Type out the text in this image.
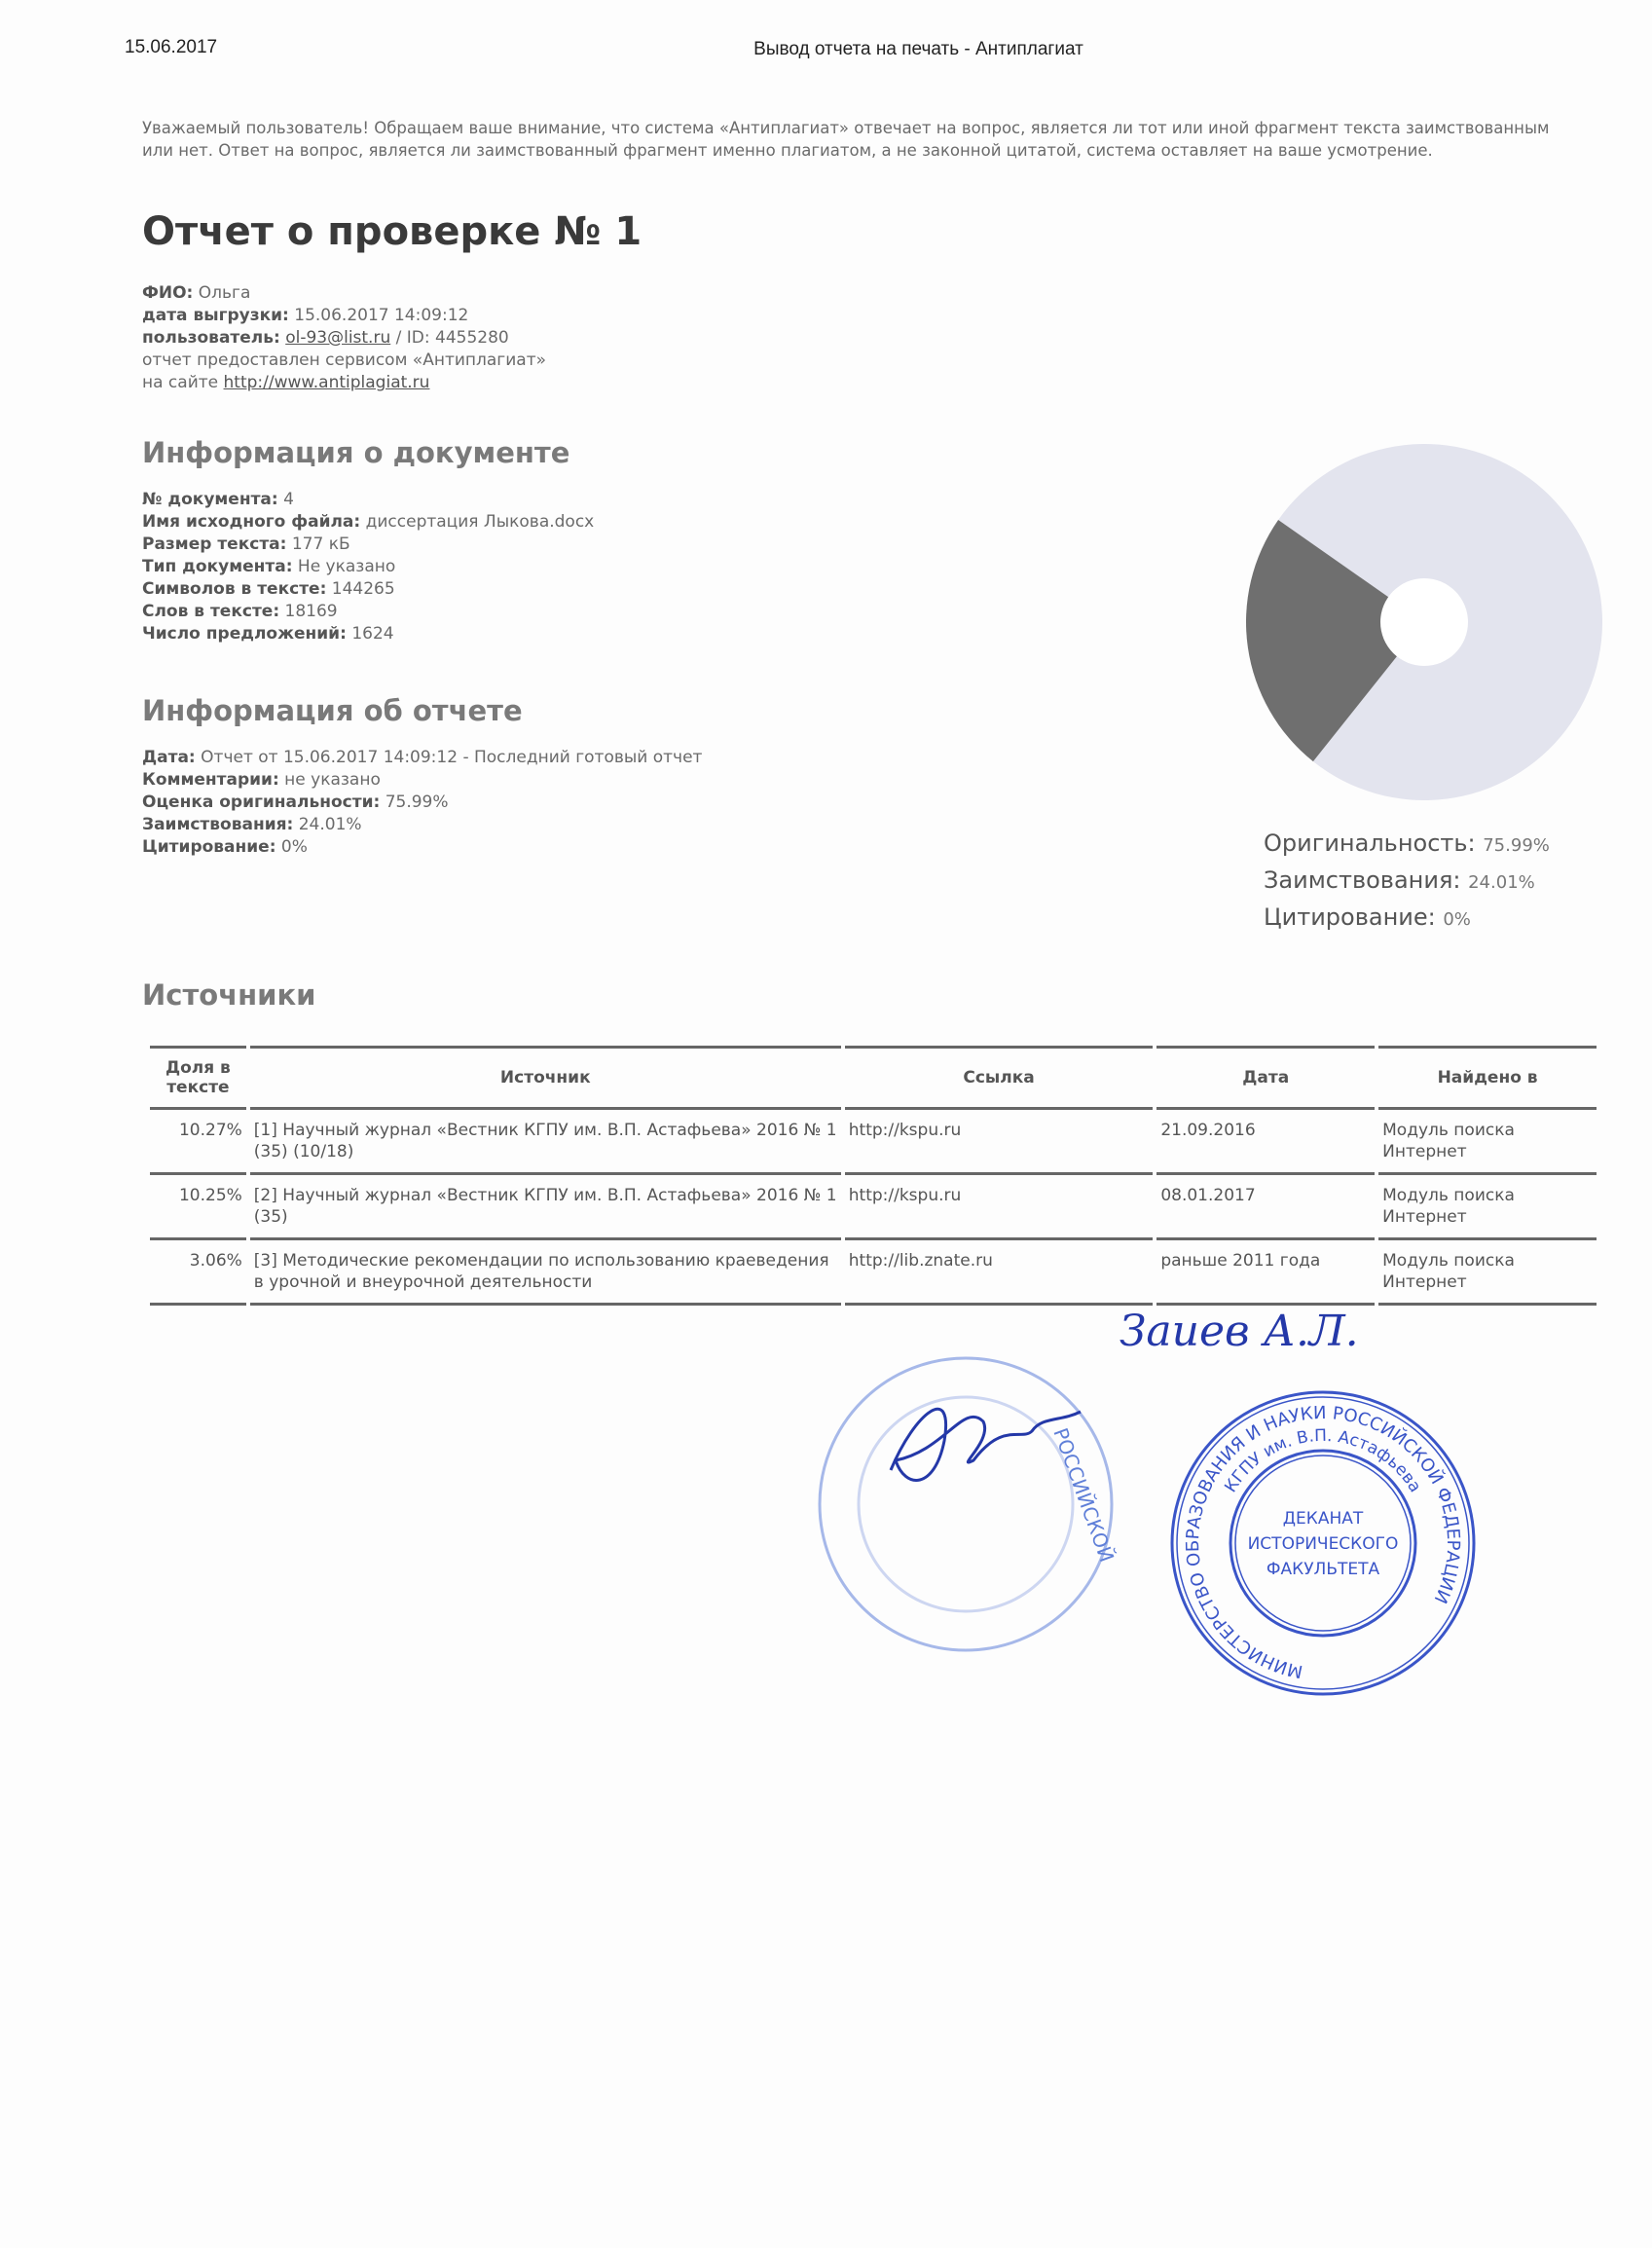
15.06.2017	Вывод отчета на печать - Антиплагиат
Уважаемый пользователь! Обращаем ваше внимание, что система «Антиплагиат» отвечает на вопрос, является ли тот или иной фрагмент текста заимствованным или нет. Ответ на вопрос, является ли заимствованный фрагмент именно плагиатом, а не законной цитатой, система оставляет на ваше усмотрение.
Отчет о проверке № 1
ФИО: Ольга
дата выгрузки: 15.06.2017 14:09:12
пользователь: ol-93@list.ru / ID: 4455280
отчет предоставлен сервисом «Антиплагиат»
на сайте http://www.antiplagiat.ru
Информация о документе
№ документа: 4
Имя исходного файла: диссертация Лыкова.docx
Размер текста: 177 кБ
Тип документа: Не указано
Символов в тексте: 144265
Слов в тексте: 18169
Число предложений: 1624
Информация об отчете
Дата: Отчет от 15.06.2017 14:09:12 - Последний готовый отчет
Комментарии: не указано
Оценка оригинальности: 75.99%
Заимствования: 24.01%
Цитирование: 0%	Оригинальность: 75.99%
Заимствования: 24.01%
Цитирование: 0%
Источники
Доля в тексте	Источник	Ссылка	Дата	Найдено в
10.27%	[1] Научный журнал «Вестник КГПУ им. В.П. Астафьева» 2016 № 1 (35) (10/18)	http://kspu.ru	21.09.2016	Модуль поиска Интернет
10.25%	[2] Научный журнал «Вестник КГПУ им. В.П. Астафьева» 2016 № 1 (35)	http://kspu.ru	08.01.2017	Модуль поиска Интернет
3.06%	[3] Методические рекомендации по использованию краеведения в урочной и внеурочной деятельности	http://lib.znate.ru	раньше 2011 года	Модуль поиска Интернет
РОССИЙСКОЙ
МИНИСТЕРСТВО ОБРАЗОВАНИЯ И НАУКИ РОССИЙСКОЙ ФЕДЕРАЦИИ
КГПУ им. В.П. Астафьева
ДЕКАНАТ ИСТОРИЧЕСКОГО ФАКУЛЬТЕТА
Заиев А.Л.
